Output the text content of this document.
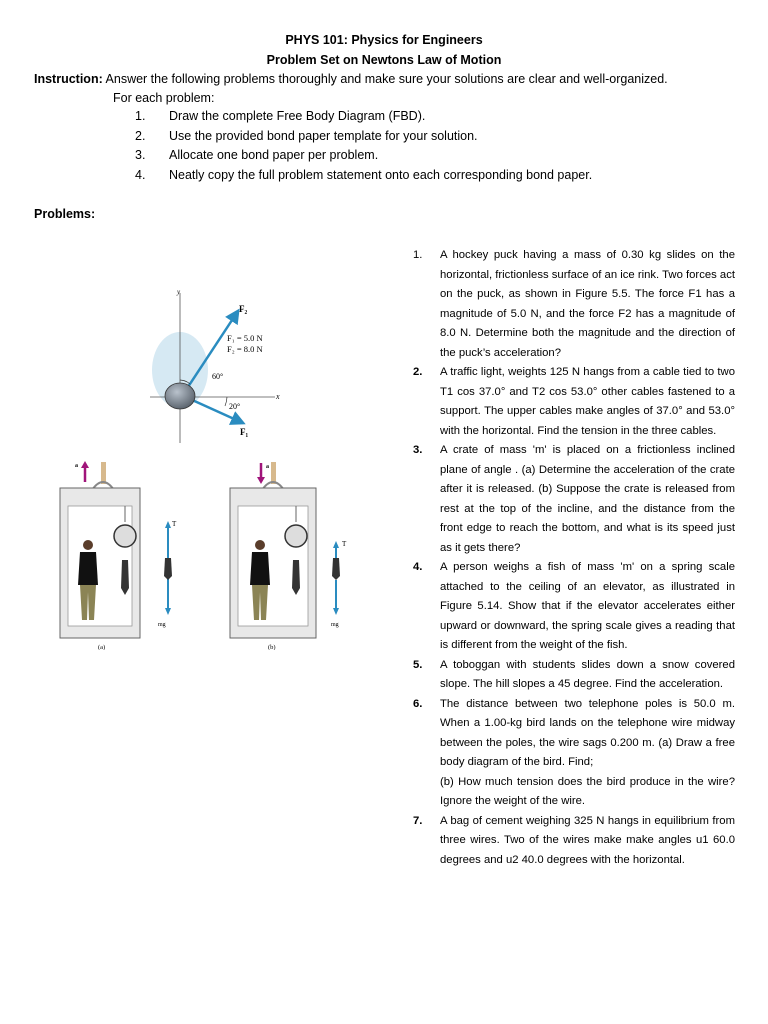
PHYS 101: Physics for Engineers
Problem Set on Newtons Law of Motion
Instruction: Answer the following problems thoroughly and make sure your solutions are clear and well-organized.
For each problem:
1.	Draw the complete Free Body Diagram (FBD).
2.	Use the provided bond paper template for your solution.
3.	Allocate one bond paper per problem.
4.	Neatly copy the full problem statement onto each corresponding bond paper.
Problems:
y
x
F₂
F₁
F₁ = 5.0 N
F₂ = 8.0 N
60°
20°
a
T
mg
(a)
a
T
mg
(b)
1.	A hockey puck having a mass of 0.30 kg slides on the horizontal, frictionless surface of an ice rink. Two forces act on the puck, as shown in Figure 5.5. The force F1 has a magnitude of 5.0 N, and the force F2 has a magnitude of 8.0 N. Determine both the magnitude and the direction of the puck’s acceleration?
2.	A traffic light, weights 125 N hangs from a cable tied to two T1 cos 37.0° and T2 cos 53.0° other cables fastened to a support. The upper cables make angles of 37.0° and 53.0° with the horizontal. Find the tension in the three cables.
3.	A crate of mass 'm' is placed on a frictionless inclined plane of angle . (a) Determine the acceleration of the crate after it is released. (b) Suppose the crate is released from rest at the top of the incline, and the distance from the front edge to reach the bottom, and what is its speed just as it gets there?
4.	A person weighs a fish of mass 'm' on a spring scale attached to the ceiling of an elevator, as illustrated in Figure 5.14. Show that if the elevator accelerates either upward or downward, the spring scale gives a reading that is different from the weight of the fish.
5.	A toboggan with students slides down a snow covered slope. The hill slopes a 45 degree. Find the acceleration.
6.	The distance between two telephone poles is 50.0 m. When a 1.00-kg bird lands on the telephone wire midway between the poles, the wire sags 0.200 m. (a) Draw a free body diagram of the bird. Find;
(b) How much tension does the bird produce in the wire? Ignore the weight of the wire.
7.	A bag of cement weighing 325 N hangs in equilibrium from three wires. Two of the wires make make angles u1 60.0 degrees and u2 40.0 degrees with the horizontal.
